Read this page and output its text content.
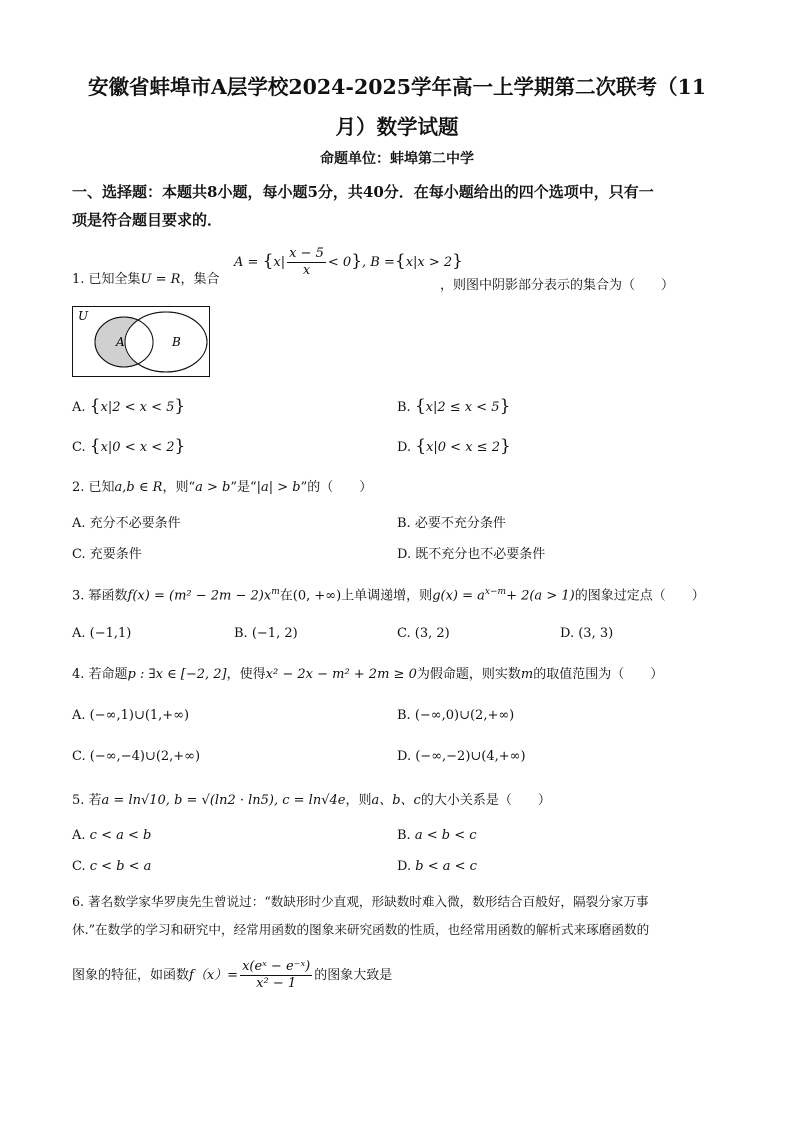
安徽省蚌埠市A层学校2024-2025学年高一上学期第二次联考（11
月）数学试题
命题单位：蚌埠第二中学
一、选择题：本题共8小题，每小题5分，共40分．在每小题给出的四个选项中，只有一
项是符合题目要求的．
1. 已知全集U = R，集合
$A = \{x| \frac{x - 5}{x} < 0\}$, B ={x|x > 2}
，则图中阴影部分表示的集合为（　　）
U
A	B
A. {x|2 < x < 5}	B. {x|2 ≤ x < 5}
C. {x|0 < x < 2}	D. {x|0 < x ≤ 2}
2. 已知a,b ∈ R，则“a > b”是“|a| > b”的（　　）
A. 充分不必要条件	B. 必要不充分条件
C. 充要条件	D. 既不充分也不必要条件
3. 幂函数$f(x) = (m^2 - 2m - 2)x^m$在(0, +∞)上单调递增，则$g(x) = a^{x-m}+ 2(a > 1)$的图象过定点（　　）
A. (−1,1)	B. (−1, 2)	C. (3, 2)	D. (3, 3)
4. 若命题p : ∃x ∈ [−2, 2]，使得x² − 2x − m² + 2m ≥ 0为假命题，则实数m的取值范围为（　　）
A. (−∞,1)∪(1,+∞)	B. (−∞,0)∪(2,+∞)
C. (−∞,−4)∪(2,+∞)	D. (−∞,−2)∪(4,+∞)
5. 若a = ln√10, b = √(ln2 · ln5), c = ln√4e，则a、b、c的大小关系是（　　）
A. c < a < b	B. a < b < c
C. c < b < a	D. b < a < c
6. 著名数学家华罗庚先生曾说过：“数缺形时少直观，形缺数时难入微，数形结合百般好，隔裂分家万事
休.”在数学的学习和研究中，经常用函数的图象来研究函数的性质，也经常用函数的解析式来琢磨函数的
图象的特征，如函数$f(x)= \frac{\text{x(eˣ − e⁻ˣ)}}{\text{x² − 1}}$ 的图象大致是
